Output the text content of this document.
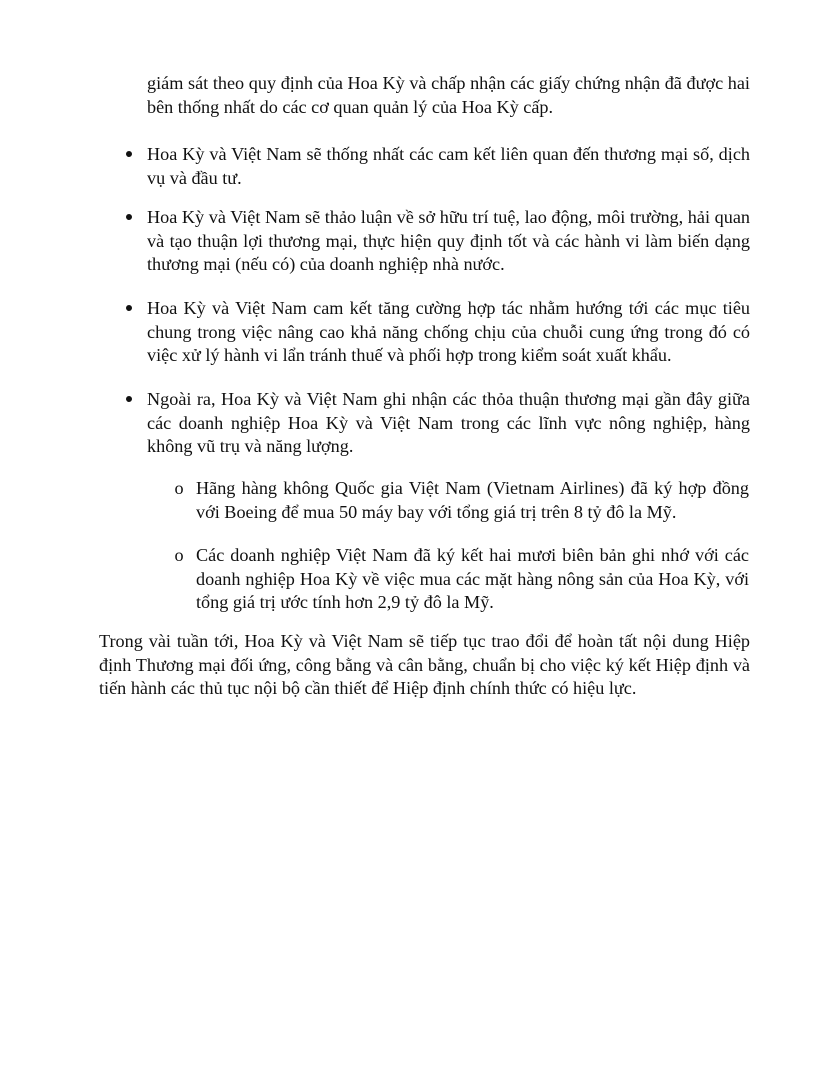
giám sát theo quy định của Hoa Kỳ và chấp nhận các giấy chứng nhận đã được hai bên thống nhất do các cơ quan quản lý của Hoa Kỳ cấp.

Hoa Kỳ và Việt Nam sẽ thống nhất các cam kết liên quan đến thương mại số, dịch vụ và đầu tư.

Hoa Kỳ và Việt Nam sẽ thảo luận về sở hữu trí tuệ, lao động, môi trường, hải quan và tạo thuận lợi thương mại, thực hiện quy định tốt và các hành vi làm biến dạng thương mại (nếu có) của doanh nghiệp nhà nước.

Hoa Kỳ và Việt Nam cam kết tăng cường hợp tác nhằm hướng tới các mục tiêu chung trong việc nâng cao khả năng chống chịu của chuỗi cung ứng trong đó có việc xử lý hành vi lẩn tránh thuế và phối hợp trong kiểm soát xuất khẩu.

Ngoài ra, Hoa Kỳ và Việt Nam ghi nhận các thỏa thuận thương mại gần đây giữa các doanh nghiệp Hoa Kỳ và Việt Nam trong các lĩnh vực nông nghiệp, hàng không vũ trụ và năng lượng.

o Hãng hàng không Quốc gia Việt Nam (Vietnam Airlines) đã ký hợp đồng với Boeing để mua 50 máy bay với tổng giá trị trên 8 tỷ đô la Mỹ.

o Các doanh nghiệp Việt Nam đã ký kết hai mươi biên bản ghi nhớ với các doanh nghiệp Hoa Kỳ về việc mua các mặt hàng nông sản của Hoa Kỳ, với tổng giá trị ước tính hơn 2,9 tỷ đô la Mỹ.

Trong vài tuần tới, Hoa Kỳ và Việt Nam sẽ tiếp tục trao đổi để hoàn tất nội dung Hiệp định Thương mại đối ứng, công bằng và cân bằng, chuẩn bị cho việc ký kết Hiệp định và tiến hành các thủ tục nội bộ cần thiết để Hiệp định chính thức có hiệu lực.
